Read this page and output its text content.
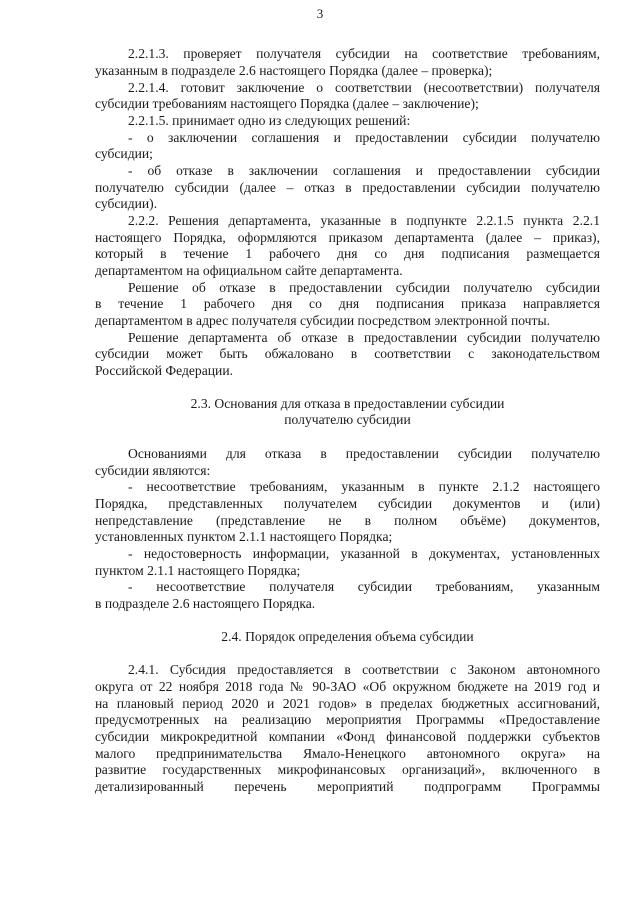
3
2.2.1.3. проверяет получателя субсидии на соответствие требованиям,
указанным в подразделе 2.6 настоящего Порядка (далее – проверка);
2.2.1.4. готовит заключение о соответствии (несоответствии) получателя
субсидии требованиям настоящего Порядка (далее – заключение);
2.2.1.5. принимает одно из следующих решений:
- о заключении соглашения и предоставлении субсидии получателю
субсидии;
- об отказе в заключении соглашения и предоставлении субсидии
получателю субсидии (далее – отказ в предоставлении субсидии получателю
субсидии).
2.2.2. Решения департамента, указанные в подпункте 2.2.1.5 пункта 2.2.1
настоящего Порядка, оформляются приказом департамента (далее – приказ),
который в течение 1 рабочего дня со дня подписания размещается
департаментом на официальном сайте департамента.
Решение об отказе в предоставлении субсидии получателю субсидии
в течение 1 рабочего дня со дня подписания приказа направляется
департаментом в адрес получателя субсидии посредством электронной почты.
Решение департамента об отказе в предоставлении субсидии получателю
субсидии может быть обжаловано в соответствии с законодательством
Российской Федерации.
2.3. Основания для отказа в предоставлении субсидии
получателю субсидии
Основаниями для отказа в предоставлении субсидии получателю
субсидии являются:
- несоответствие требованиям, указанным в пункте 2.1.2 настоящего
Порядка, представленных получателем субсидии документов и (или)
непредставление (представление не в полном объёме) документов,
установленных пунктом 2.1.1 настоящего Порядка;
- недостоверность информации, указанной в документах, установленных
пунктом 2.1.1 настоящего Порядка;
- несоответствие получателя субсидии требованиям, указанным
в подразделе 2.6 настоящего Порядка.
2.4. Порядок определения объема субсидии
2.4.1. Субсидия предоставляется в соответствии с Законом автономного
округа от 22 ноября 2018 года № 90-ЗАО «Об окружном бюджете на 2019 год и
на плановый период 2020 и 2021 годов» в пределах бюджетных ассигнований,
предусмотренных на реализацию мероприятия Программы «Предоставление
субсидии микрокредитной компании «Фонд финансовой поддержки субъектов
малого предпринимательства Ямало-Ненецкого автономного округа» на
развитие государственных микрофинансовых организаций», включенного в
детализированный перечень мероприятий подпрограмм Программы
